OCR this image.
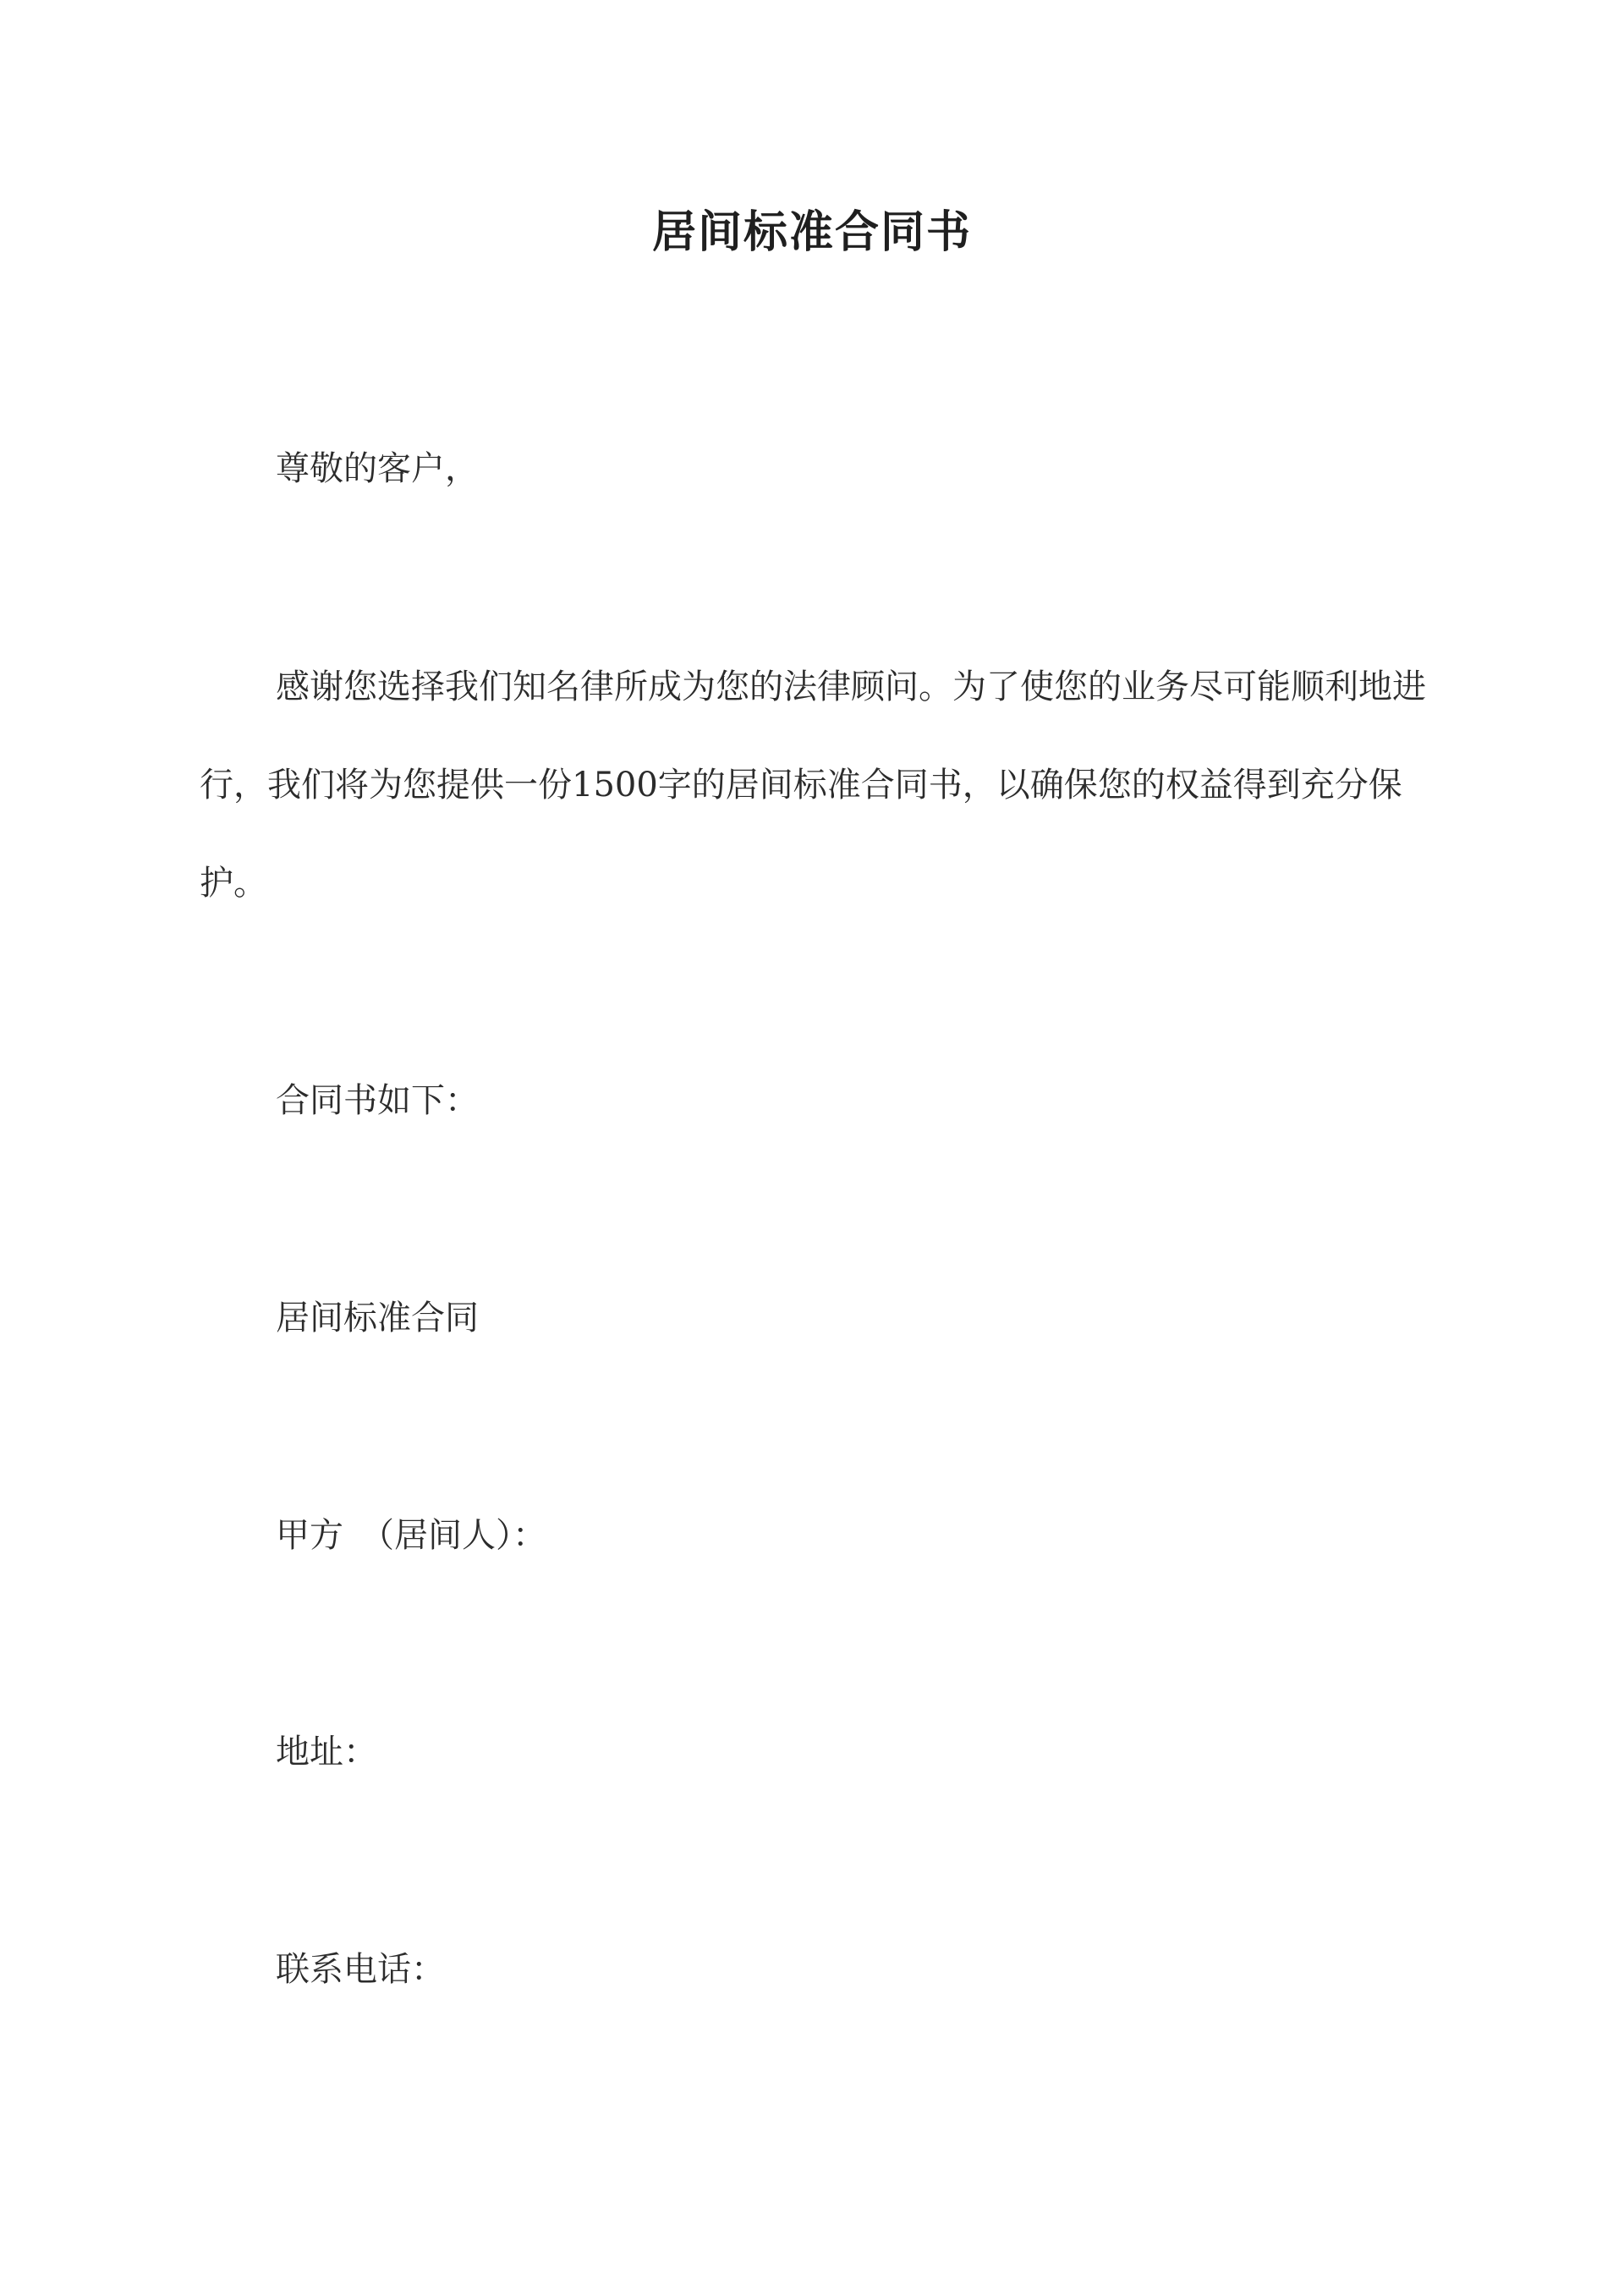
居间标准合同书

尊敬的客户，

感谢您选择我们知名律所成为您的法律顾问。为了使您的业务尽可能顺利地进行，我们将为您提供一份1500字的居间标准合同书，以确保您的权益得到充分保护。

合同书如下：

居间标准合同

甲方　（居间人）：

地址：

联系电话：
